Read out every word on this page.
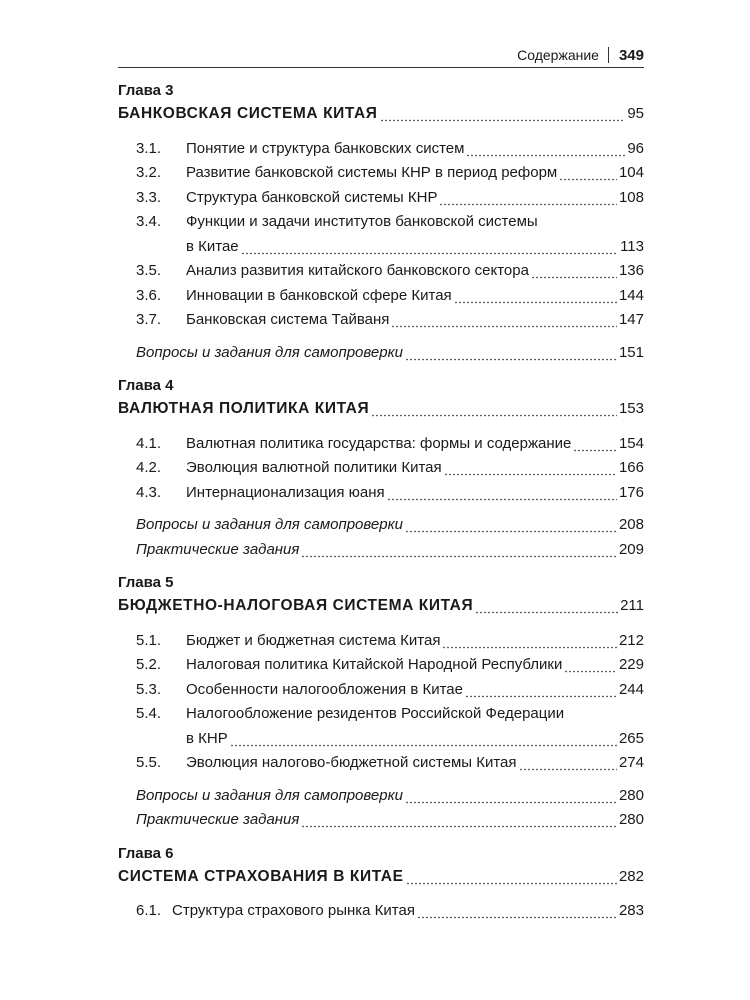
Содержание 349
Глава 3
БАНКОВСКАЯ СИСТЕМА КИТАЯ	95
3.1.	Понятие и структура банковских систем	96
3.2.	Развитие банковской системы КНР в период реформ	104
3.3.	Структура банковской системы КНР	108
3.4. Функции и задачи институтов банковской системы
в Китае	113
3.5.	Анализ развития китайского банковского сектора	136
3.6.	Инновации в банковской сфере Китая	144
3.7.	Банковская система Тайваня	147
Вопросы и задания для самопроверки	151
Глава 4
ВАЛЮТНАЯ ПОЛИТИКА КИТАЯ	153
4.1.	Валютная политика государства: формы и содержание	154
4.2.	Эволюция валютной политики Китая	166
4.3.	Интернационализация юаня	176
Вопросы и задания для самопроверки	208
Практические задания	209
Глава 5
БЮДЖЕТНО-НАЛОГОВАЯ СИСТЕМА КИТАЯ	211
5.1.	Бюджет и бюджетная система Китая	212
5.2.	Налоговая политика Китайской Народной Республики	229
5.3.	Особенности налогообложения в Китае	244
5.4. Налогообложение резидентов Российской Федерации
в КНР	265
5.5.	Эволюция налогово-бюджетной системы Китая	274
Вопросы и задания для самопроверки	280
Практические задания	280
Глава 6
СИСТЕМА СТРАХОВАНИЯ В КИТАЕ	282
6.1. Структура страхового рынка Китая	283
